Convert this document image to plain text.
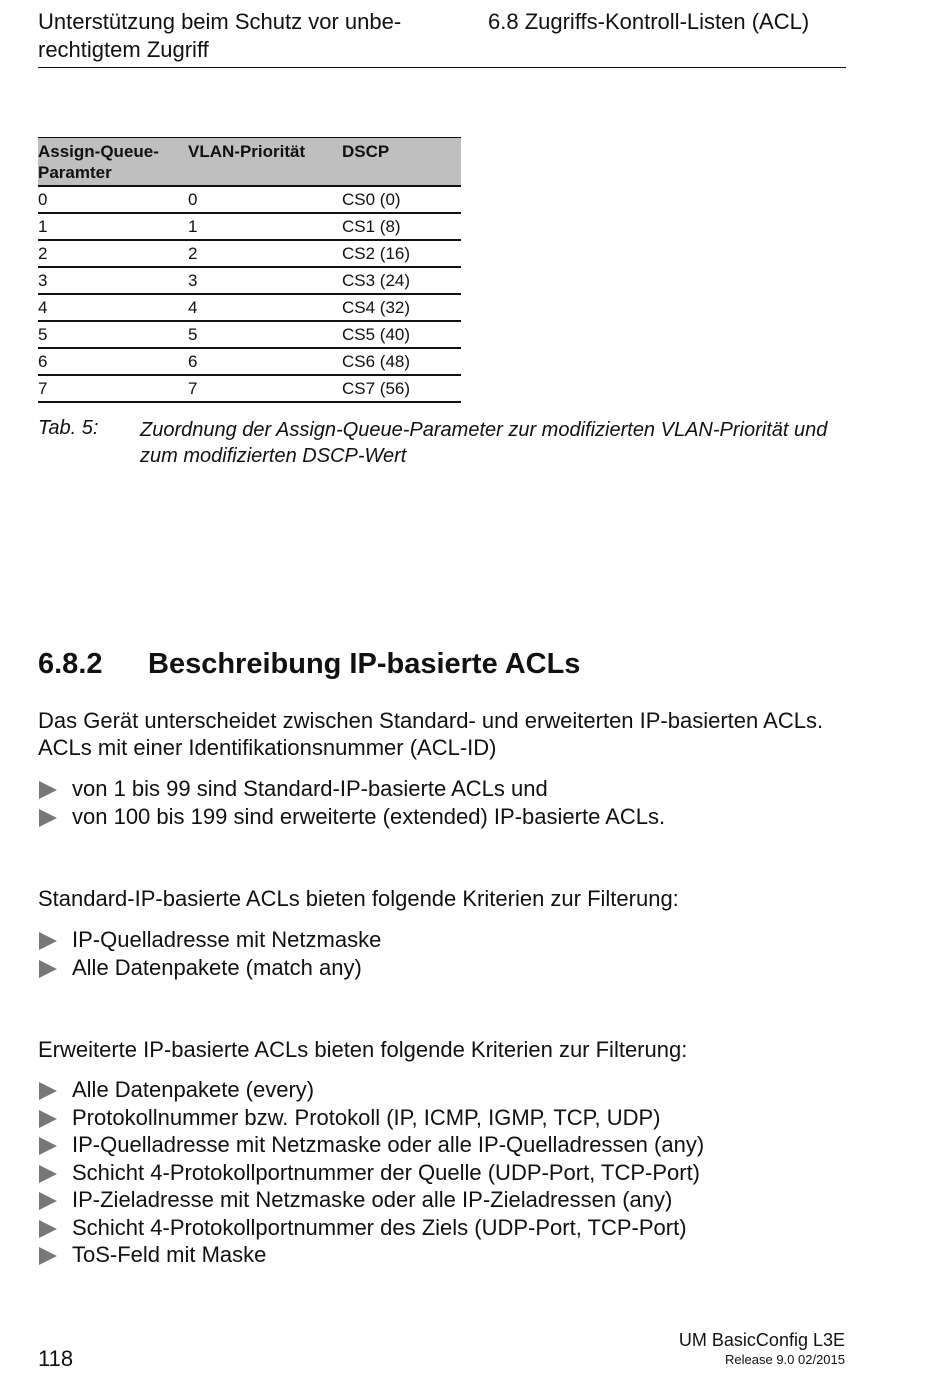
Unterstützung beim Schutz vor unbe-rechtigtem Zugriff
6.8 Zugriffs-Kontroll-Listen (ACL)
Assign-Queue-Paramter	VLAN-Priorität	DSCP
0	0	CS0 (0)
1	1	CS1 (8)
2	2	CS2 (16)
3	3	CS3 (24)
4	4	CS4 (32)
5	5	CS5 (40)
6	6	CS6 (48)
7	7	CS7 (56)
Tab. 5: Zuordnung der Assign-Queue-Parameter zur modifizierten VLAN-Priorität und zum modifizierten DSCP-Wert
6.8.2 Beschreibung IP-basierte ACLs
Das Gerät unterscheidet zwischen Standard- und erweiterten IP-basierten ACLs. ACLs mit einer Identifikationsnummer (ACL-ID)
von 1 bis 99 sind Standard-IP-basierte ACLs und
von 100 bis 199 sind erweiterte (extended) IP-basierte ACLs.
Standard-IP-basierte ACLs bieten folgende Kriterien zur Filterung:
IP-Quelladresse mit Netzmaske
Alle Datenpakete (match any)
Erweiterte IP-basierte ACLs bieten folgende Kriterien zur Filterung:
Alle Datenpakete (every)
Protokollnummer bzw. Protokoll (IP, ICMP, IGMP, TCP, UDP)
IP-Quelladresse mit Netzmaske oder alle IP-Quelladressen (any)
Schicht 4-Protokollportnummer der Quelle (UDP-Port, TCP-Port)
IP-Zieladresse mit Netzmaske oder alle IP-Zieladressen (any)
Schicht 4-Protokollportnummer des Ziels (UDP-Port, TCP-Port)
ToS-Feld mit Maske
118
UM BasicConfig L3E
Release 9.0 02/2015
